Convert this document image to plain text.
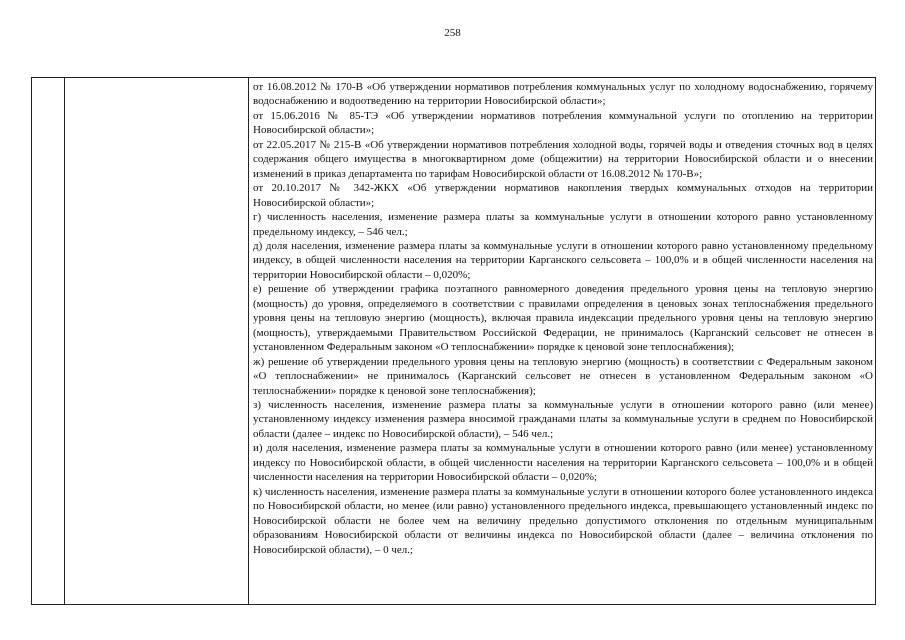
258

от 16.08.2012 № 170-В «Об утверждении нормативов потребления коммунальных услуг по холодному водоснабжению, горячему водоснабжению и водоотведению на территории Новосибирской области»;

от 15.06.2016 № 85-ТЭ «Об утверждении нормативов потребления коммунальной услуги по отоплению на территории Новосибирской области»;

от 22.05.2017 № 215-В «Об утверждении нормативов потребления холодной воды, горячей воды и отведения сточных вод в целях содержания общего имущества в многоквартирном доме (общежитии) на территории Новосибирской области и о внесении изменений в приказ департамента по тарифам Новосибирской области от 16.08.2012 № 170-В»;

от 20.10.2017 № 342-ЖКХ «Об утверждении нормативов накопления твердых коммунальных отходов на территории Новосибирской области»;

г) численность населения, изменение размера платы за коммунальные услуги в отношении которого равно установленному предельному индексу, – 546 чел.;

д) доля населения, изменение размера платы за коммунальные услуги в отношении которого равно установленному предельному индексу, в общей численности населения на территории Карганского сельсовета – 100,0% и в общей численности населения на территории Новосибирской области – 0,020%;

е) решение об утверждении графика поэтапного равномерного доведения предельного уровня цены на тепловую энергию (мощность) до уровня, определяемого в соответствии с правилами определения в ценовых зонах теплоснабжения предельного уровня цены на тепловую энергию (мощность), включая правила индексации предельного уровня цены на тепловую энергию (мощность), утверждаемыми Правительством Российской Федерации, не принималось (Карганский сельсовет не отнесен в установленном Федеральным законом «О теплоснабжении» порядке к ценовой зоне теплоснабжения);

ж) решение об утверждении предельного уровня цены на тепловую энергию (мощность) в соответствии с Федеральным законом «О теплоснабжении» не принималось (Карганский сельсовет не отнесен в установленном Федеральным законом «О теплоснабжении» порядке к ценовой зоне теплоснабжения);

з) численность населения, изменение размера платы за коммунальные услуги в отношении которого равно (или менее) установленному индексу изменения размера вносимой гражданами платы за коммунальные услуги в среднем по Новосибирской области (далее – индекс по Новосибирской области), – 546 чел.;

и) доля населения, изменение размера платы за коммунальные услуги в отношении которого равно (или менее) установленному индексу по Новосибирской области, в общей численности населения на территории Карганского сельсовета – 100,0% и в общей численности населения на территории Новосибирской области – 0,020%;

к) численность населения, изменение размера платы за коммунальные услуги в отношении которого более установленного индекса по Новосибирской области, но менее (или равно) установленного предельного индекса, превышающего установленный индекс по Новосибирской области не более чем на величину предельно допустимого отклонения по отдельным муниципальным образованиям Новосибирской области от величины индекса по Новосибирской области (далее – величина отклонения по Новосибирской области), – 0 чел.;
